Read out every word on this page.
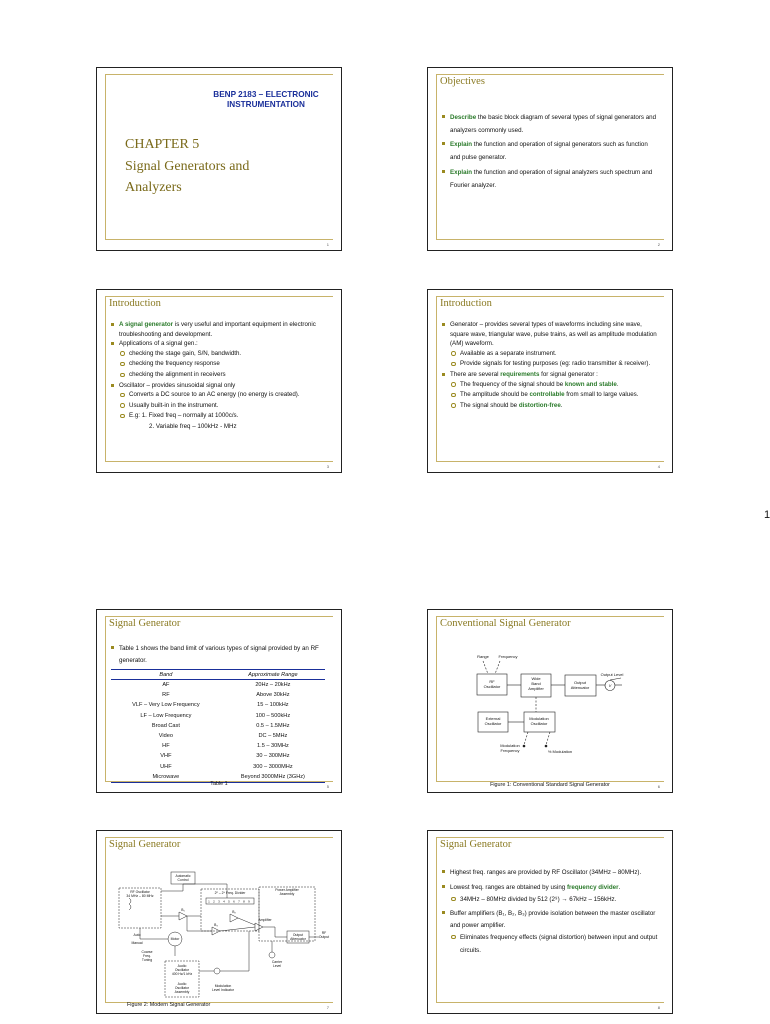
BENP 2183 – ELECTRONIC INSTRUMENTATION
CHAPTER 5
Signal Generators and
Analyzers
1
Objectives
Describe the basic block diagram of several types of signal generators and analyzers commonly used.
Explain the function and operation of signal generators such as function and pulse generator.
Explain the function and operation of signal analyzers such spectrum and Fourier analyzer.
2
Introduction
A signal generator is very useful and important equipment in electronic troubleshooting and development.
Applications of a signal gen.:
checking the stage gain, S/N, bandwidth.
checking the frequency response
checking the alignment in receivers
Oscillator – provides sinusoidal signal only
Converts a DC source to an AC energy (no energy is created).
Usually built-in in the instrument.
E.g: 1. Fixed freq – normally at 1000c/s.
2. Variable freq – 100kHz - MHz
3
Introduction
Generator – provides several types of waveforms including sine wave, square wave, triangular wave, pulse trains, as well as amplitude modulation (AM) waveform.
Available as a separate instrument.
Provide signals for testing purposes (eg: radio transmitter & receiver).
There are several requirements for signal generator :
The frequency of the signal should be known and stable.
The amplitude should be controllable from small to large values.
The signal should be distortion-free.
4
1
Signal Generator
Table 1 shows the band limit of various types of signal provided by an RF generator.
Band	Approximate Range
AF	20Hz – 20kHz
RF	Above 30kHz
VLF – Very Low Frequency	15 – 100kHz
LF – Low Frequency	100 – 500kHz
Broad Cast	0.5 – 1.5MHz
Video	DC – 5MHz
HF	1.5 – 30MHz
VHF	30 – 300MHz
UHF	300 – 3000MHz
Microwave	Beyond 3000MHz (3GHz)
Table 1	5
Conventional Signal Generator
Range Frequency
Output Level
RF
Oscillator
Wide
Band
Amplifier
Output
Attenuator	V
External
Oscillator
Modulation
Oscillator
Modulation
Frequency	% Modulation
Figure 1: Conventional Standard Signal Generator	6
Signal Generator
Automatic
Control
RF Oscillator
34 MHz – 80 MHz
2⁰ – 2⁹ Freq. Divider
Power Amplifier
Assembly
Amplifier
B₁	B₂
B₃
Output
Attenuator
RF
Output
Auto
Manual
Motor
Coarse
Freq.
Tuning
Audio
Oscillator
400 Hz/1 kHz
Audio
Oscillator
Assembly
Carrier
Level
Modulation
Level Indicator
1 2 3 4 5 6 7 8 9
Figure 2: Modern Signal Generator	7
Signal Generator
Highest freq. ranges are provided by RF Oscillator (34MHz – 80MHz).
Lowest freq. ranges are obtained by using frequency divider.
34MHz – 80MHz divided by 512 (2⁹) → 67kHz – 156kHz.
Buffer amplifiers (B₁, B₂, B₃) provide isolation between the master oscillator and power amplifier.
Eliminates frequency effects (signal distortion) between input and output circuits.
8
